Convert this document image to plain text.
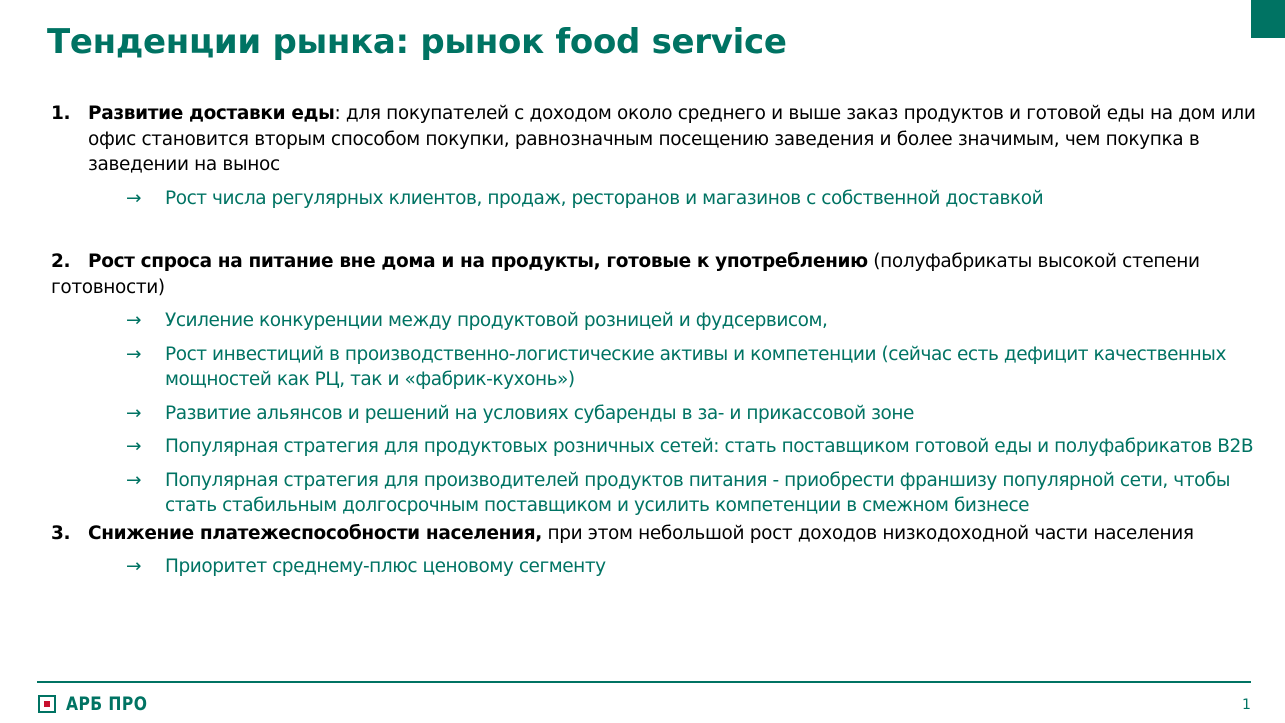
Тенденции рынка: рынок food service
1. Развитие доставки еды: для покупателей с доходом около среднего и выше заказ продуктов и готовой еды на дом или офис становится вторым способом покупки, равнозначным посещению заведения и более значимым, чем покупка в заведении на вынос
→ Рост числа регулярных клиентов, продаж, ресторанов и магазинов с собственной доставкой
2. Рост спроса на питание вне дома и на продукты, готовые к употреблению (полуфабрикаты высокой степени готовности)
→ Усиление конкуренции между продуктовой розницей и фудсервисом,
→ Рост инвестиций в производственно-логистические активы и компетенции (сейчас есть дефицит качественных мощностей как РЦ, так и «фабрик-кухонь»)
→ Развитие альянсов и решений на условиях субаренды в за- и прикассовой зоне
→ Популярная стратегия для продуктовых розничных сетей: стать поставщиком готовой еды и полуфабрикатов B2B
→ Популярная стратегия для производителей продуктов питания - приобрести франшизу популярной сети, чтобы стать стабильным долгосрочным поставщиком и усилить компетенции в смежном бизнесе
3. Снижение платежеспособности населения, при этом небольшой рост доходов низкодоходной части населения
→ Приоритет среднему-плюс ценовому сегменту
АРБ ПРО	1
